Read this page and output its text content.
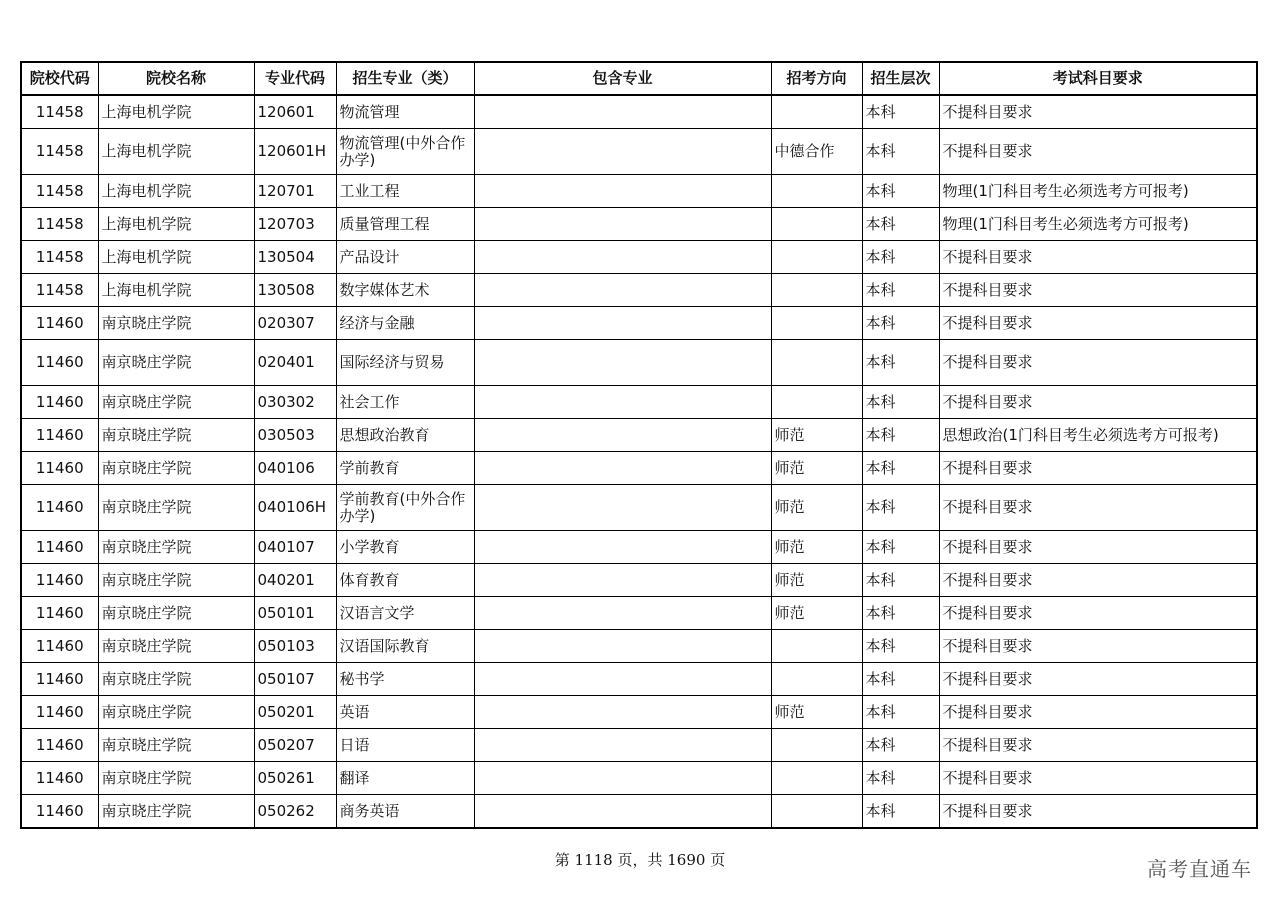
院校代码	院校名称	专业代码	招生专业（类）	包含专业	招考方向	招生层次	考试科目要求
11458	上海电机学院	120601	物流管理			本科	不提科目要求
11458	上海电机学院	120601H	物流管理(中外合作办学)		中德合作	本科	不提科目要求
11458	上海电机学院	120701	工业工程			本科	物理(1门科目考生必须选考方可报考)
11458	上海电机学院	120703	质量管理工程			本科	物理(1门科目考生必须选考方可报考)
11458	上海电机学院	130504	产品设计			本科	不提科目要求
11458	上海电机学院	130508	数字媒体艺术			本科	不提科目要求
11460	南京晓庄学院	020307	经济与金融			本科	不提科目要求
11460	南京晓庄学院	020401	国际经济与贸易			本科	不提科目要求
11460	南京晓庄学院	030302	社会工作			本科	不提科目要求
11460	南京晓庄学院	030503	思想政治教育		师范	本科	思想政治(1门科目考生必须选考方可报考)
11460	南京晓庄学院	040106	学前教育		师范	本科	不提科目要求
11460	南京晓庄学院	040106H	学前教育(中外合作办学)		师范	本科	不提科目要求
11460	南京晓庄学院	040107	小学教育		师范	本科	不提科目要求
11460	南京晓庄学院	040201	体育教育		师范	本科	不提科目要求
11460	南京晓庄学院	050101	汉语言文学		师范	本科	不提科目要求
11460	南京晓庄学院	050103	汉语国际教育			本科	不提科目要求
11460	南京晓庄学院	050107	秘书学			本科	不提科目要求
11460	南京晓庄学院	050201	英语		师范	本科	不提科目要求
11460	南京晓庄学院	050207	日语			本科	不提科目要求
11460	南京晓庄学院	050261	翻译			本科	不提科目要求
11460	南京晓庄学院	050262	商务英语			本科	不提科目要求
第 1118 页，共 1690 页	高考直通车
